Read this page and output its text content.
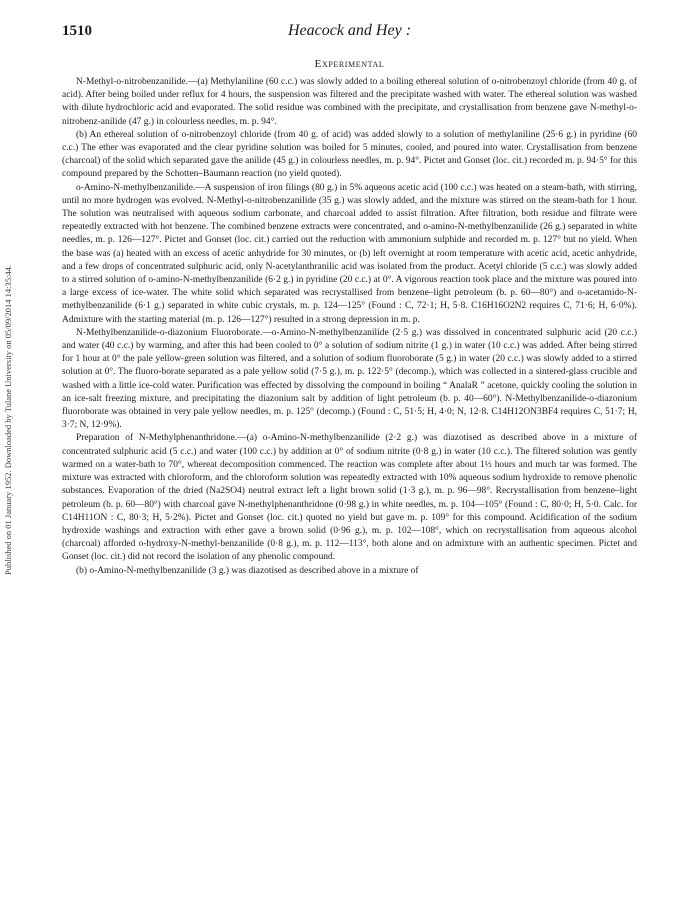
Published on 01 January 1952. Downloaded by Tulane University on 05/09/2014 14:35:44.
1510	Heacock and Hey :
Experimental

N-Methyl-o-nitrobenzanilide.—(a) Methylaniline (60 c.c.) was slowly added to a boiling ethereal solution of o-nitrobenzoyl chloride (from 40 g. of acid). After being boiled under reflux for 4 hours, the suspension was filtered and the precipitate washed with water. The ethereal solution was washed with dilute hydrochloric acid and evaporated. The solid residue was combined with the precipitate, and crystallisation from benzene gave N-methyl-o-nitrobenz-anilide (47 g.) in colourless needles, m. p. 94°.

(b) An ethereal solution of o-nitrobenzoyl chloride (from 40 g. of acid) was added slowly to a solution of methylaniline (25·6 g.) in pyridine (60 c.c.) The ether was evaporated and the clear pyridine solution was boiled for 5 minutes, cooled, and poured into water. Crystallisation from benzene (charcoal) of the solid which separated gave the anilide (45 g.) in colourless needles, m. p. 94°. Pictet and Gonset (loc. cit.) recorded m. p. 94·5° for this compound prepared by the Schotten–Baumann reaction (no yield quoted).

o-Amino-N-methylbenzanilide.—A suspension of iron filings (80 g.) in 5% aqueous acetic acid (100 c.c.) was heated on a steam-bath, with stirring, until no more hydrogen was evolved. N-Methyl-o-nitrobenzanilide (35 g.) was slowly added, and the mixture was stirred on the steam-bath for 1 hour. The solution was neutralised with aqueous sodium carbonate, and charcoal added to assist filtration. After filtration, both residue and filtrate were repeatedly extracted with hot benzene. The combined benzene extracts were concentrated, and o-amino-N-methylbenzanilide (26 g.) separated in white needles, m. p. 126—127°. Pictet and Gonset (loc. cit.) carried out the reduction with ammonium sulphide and recorded m. p. 127° but no yield. When the base was (a) heated with an excess of acetic anhydride for 30 minutes, or (b) left overnight at room temperature with acetic acid, acetic anhydride, and a few drops of concentrated sulphuric acid, only N-acetylanthranilic acid was isolated from the product. Acetyl chloride (5 c.c.) was slowly added to a stirred solution of o-amino-N-methylbenzanilide (6·2 g.) in pyridine (20 c.c.) at 0°. A vigorous reaction took place and the mixture was poured into a large excess of ice-water. The white solid which separated was recrystallised from benzene–light petroleum (b. p. 60—80°) and o-acetamido-N-methylbenzanilide (6·1 g.) separated in white cubic crystals, m. p. 124—125° (Found : C, 72·1; H, 5·8. C16H16O2N2 requires C, 71·6; H, 6·0%). Admixture with the starting material (m. p. 126—127°) resulted in a strong depression in m. p.

N-Methylbenzanilide-o-diazonium Fluoroborate.—o-Amino-N-methylbenzanilide (2·5 g.) was dissolved in concentrated sulphuric acid (20 c.c.) and water (40 c.c.) by warming, and after this had been cooled to 0° a solution of sodium nitrite (1 g.) in water (10 c.c.) was added. After being stirred for 1 hour at 0° the pale yellow-green solution was filtered, and a solution of sodium fluoroborate (5 g.) in water (20 c.c.) was slowly added to a stirred solution at 0°. The fluoro-borate separated as a pale yellow solid (7·5 g.), m. p. 122·5° (decomp.), which was collected in a sintered-glass crucible and washed with a little ice-cold water. Purification was effected by dissolving the compound in boiling “ AnalaR ” acetone, quickly cooling the solution in an ice-salt freezing mixture, and precipitating the diazonium salt by addition of light petroleum (b. p. 40—60°). N-Methylbenzanilide-o-diazonium fluoroborate was obtained in very pale yellow needles, m. p. 125° (decomp.) (Found : C, 51·5; H, 4·0; N, 12·8. C14H12ON3BF4 requires C, 51·7; H, 3·7; N, 12·9%).

Preparation of N-Methylphenanthridone.—(a) o-Amino-N-methylbenzanilide (2·2 g.) was diazotised as described above in a mixture of concentrated sulphuric acid (5 c.c.) and water (100 c.c.) by addition at 0° of sodium nitrite (0·8 g.) in water (10 c.c.). The filtered solution was gently warmed on a water-bath to 70°, whereat decomposition commenced. The reaction was complete after about 1½ hours and much tar was formed. The mixture was extracted with chloroform, and the chloroform solution was repeatedly extracted with 10% aqueous sodium hydroxide to remove phenolic substances. Evaporation of the dried (Na2SO4) neutral extract left a light brown solid (1·3 g.), m. p. 96—98°. Recrystallisation from benzene–light petroleum (b. p. 60—80°) with charcoal gave N-methylphenanthridone (0·98 g.) in white needles, m. p. 104—105° (Found : C, 80·0; H, 5·0. Calc. for C14H11ON : C, 80·3; H, 5·2%). Pictet and Gonset (loc. cit.) quoted no yield but gave m. p. 109° for this compound. Acidification of the sodium hydroxide washings and extraction with ether gave a brown solid (0·96 g.), m. p. 102—108°, which on recrystallisation from aqueous alcohol (charcoal) afforded o-hydroxy-N-methyl-benzanilide (0·8 g.), m. p. 112—113°, both alone and on admixture with an authentic specimen. Pictet and Gonset (loc. cit.) did not record the isolation of any phenolic compound.

(b) o-Amino-N-methylbenzanilide (3 g.) was diazotised as described above in a mixture of
